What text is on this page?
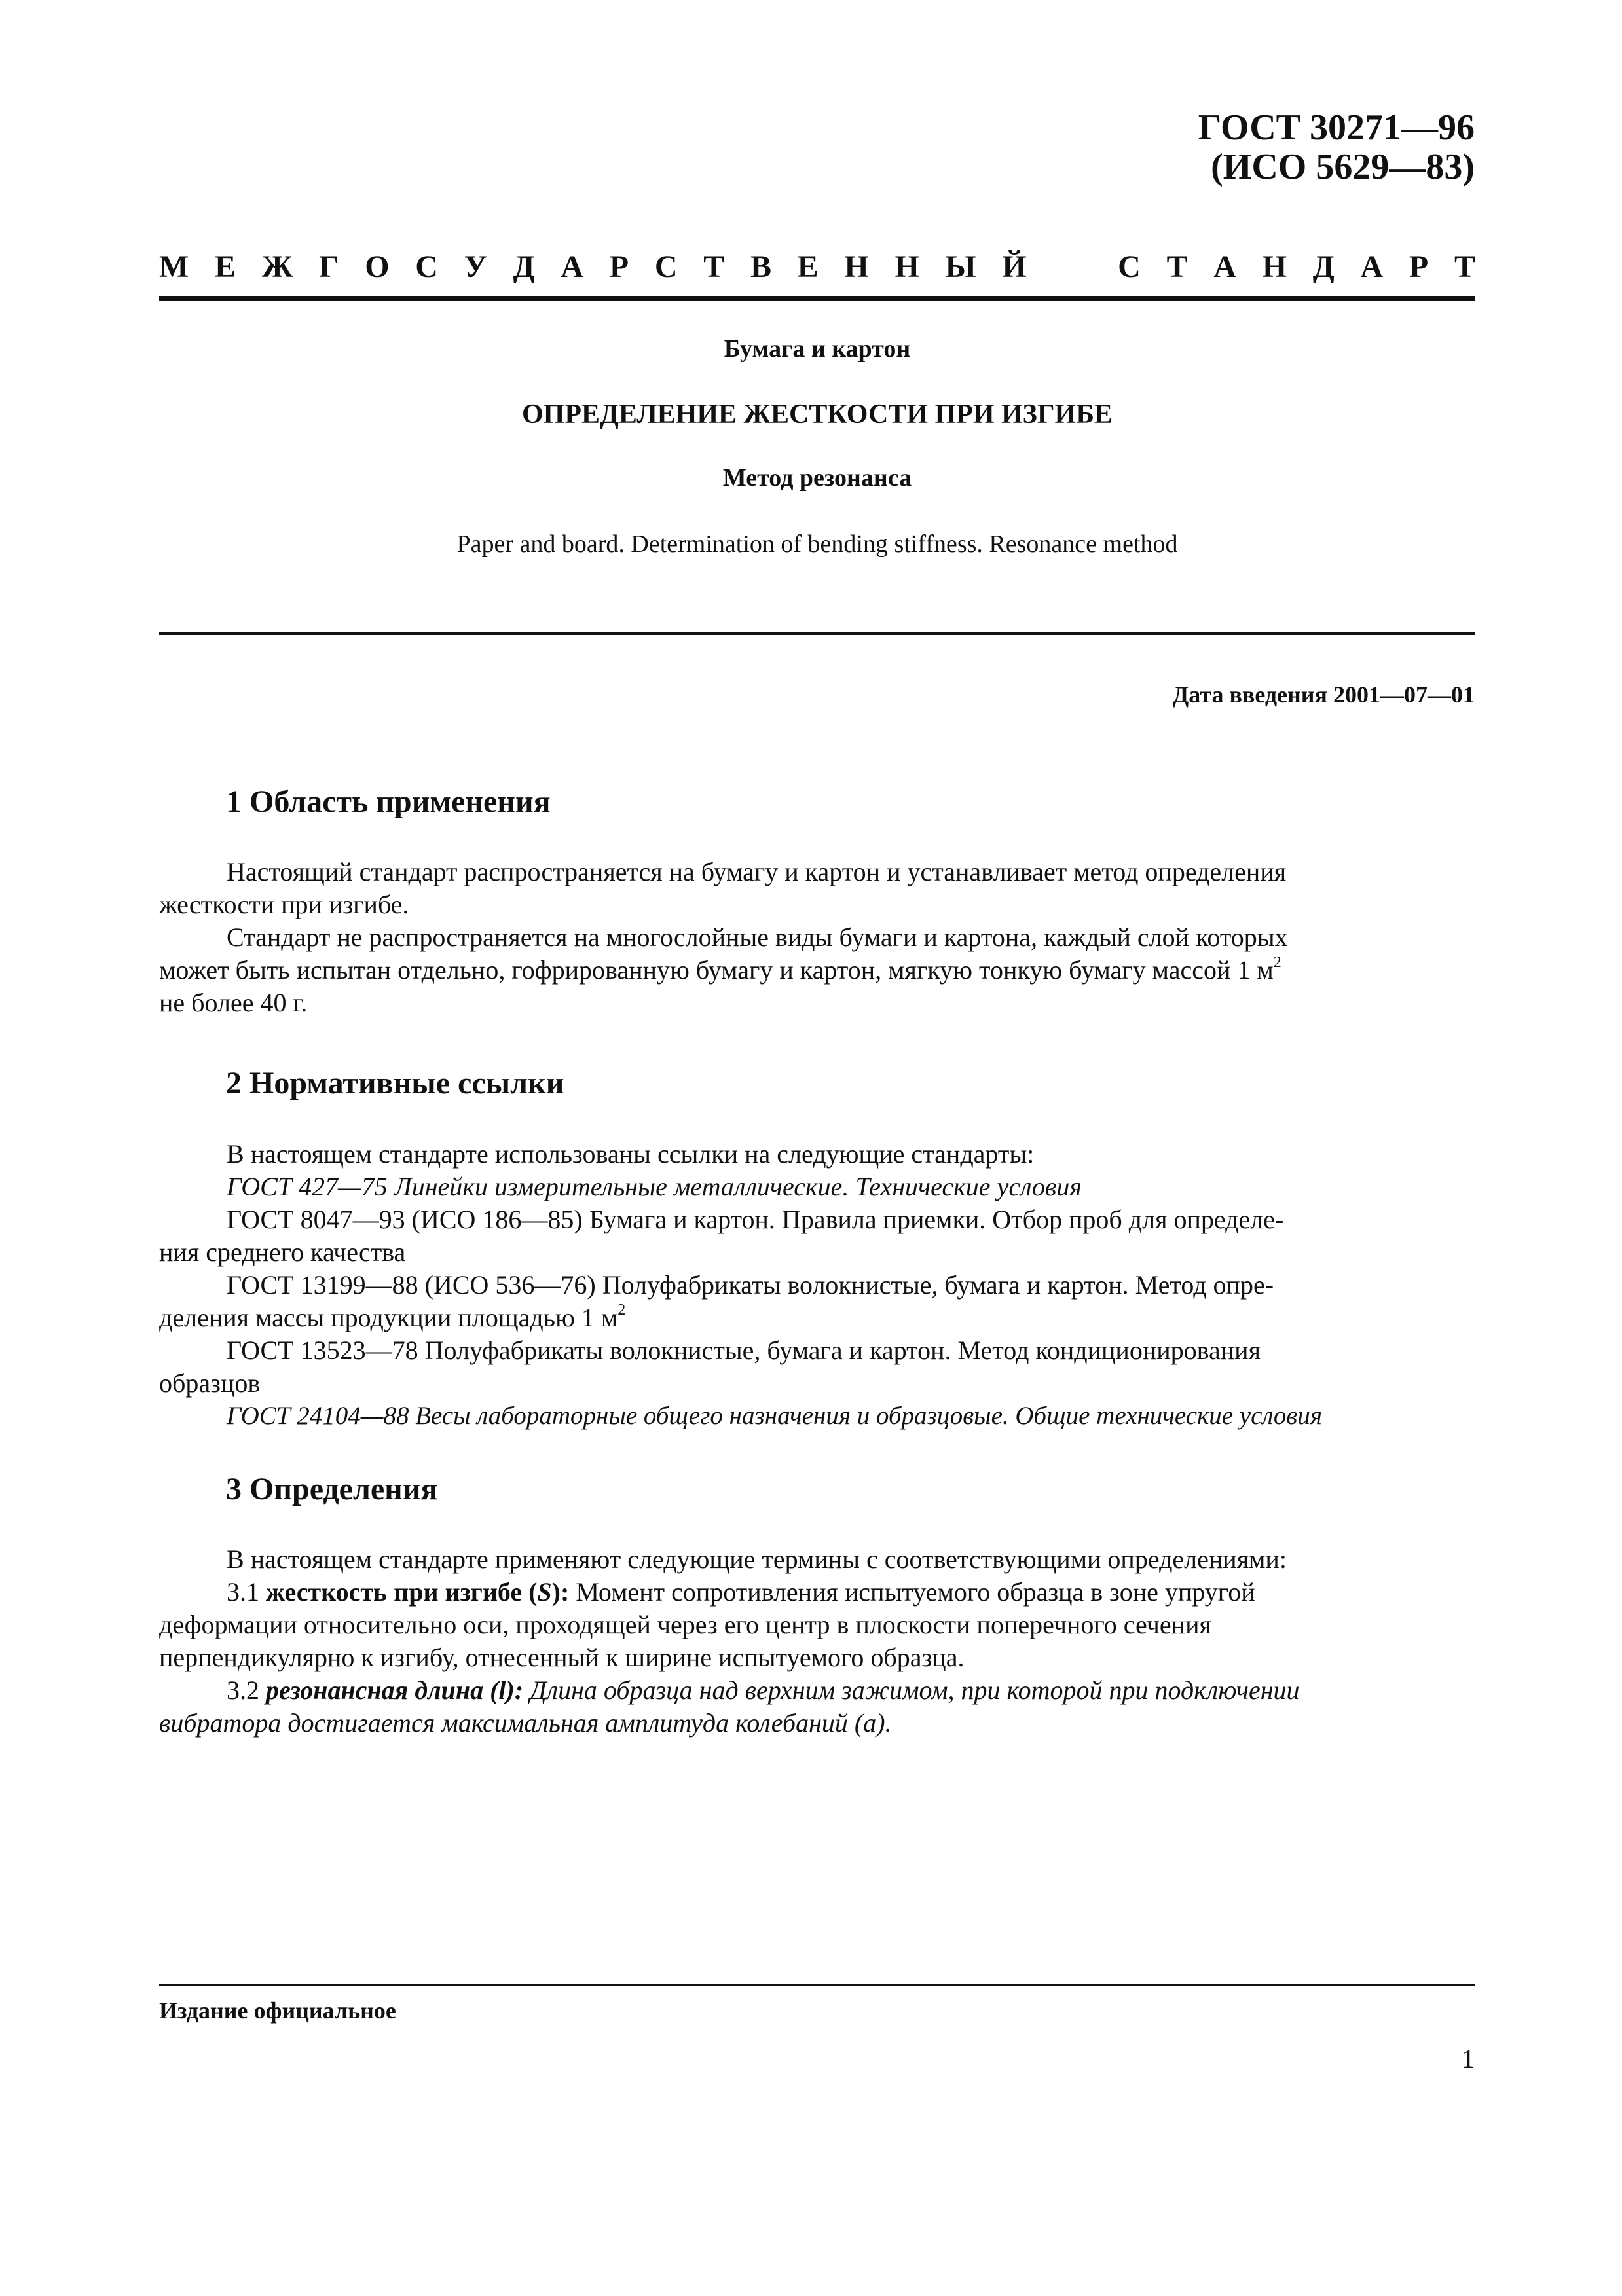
ГОСТ 30271—96
(ИСО 5629—83)
М Е Ж Г О С У Д А Р С Т В Е Н Н Ы Й	С Т А Н Д А Р Т
Бумага и картон
ОПРЕДЕЛЕНИЕ ЖЕСТКОСТИ ПРИ ИЗГИБЕ
Метод резонанса
Paper and board. Determination of bending stiffness. Resonance method
Дата введения 2001—07—01
1 Область применения
Настоящий стандарт распространяется на бумагу и картон и устанавливает метод определения
жесткости при изгибе.
Стандарт не распространяется на многослойные виды бумаги и картона, каждый слой которых
может быть испытан отдельно, гофрированную бумагу и картон, мягкую тонкую бумагу массой 1 $м^2$
не более 40 г.
2 Нормативные ссылки
В настоящем стандарте использованы ссылки на следующие стандарты:
ГОСТ 427—75 Линейки измерительные металлические. Технические условия
ГОСТ 8047—93 (ИСО 186—85) Бумага и картон. Правила приемки. Отбор проб для определе-
ния среднего качества
ГОСТ 13199—88 (ИСО 536—76) Полуфабрикаты волокнистые, бумага и картон. Метод опре-
деления массы продукции площадью 1 $м^2$
ГОСТ 13523—78 Полуфабрикаты волокнистые, бумага и картон. Метод кондиционирования
образцов
ГОСТ 24104—88 Весы лабораторные общего назначения и образцовые. Общие технические условия
3 Определения
В настоящем стандарте применяют следующие термины с соответствующими определениями:
3.1 жесткость при изгибе (S): Момент сопротивления испытуемого образца в зоне упругой
деформации относительно оси, проходящей через его центр в плоскости поперечного сечения
перпендикулярно к изгибу, отнесенный к ширине испытуемого образца.
3.2 резонансная длина (l): Длина образца над верхним зажимом, при которой при подключении
вибратора достигается максимальная амплитуда колебаний (a).
Издание официальное
1
